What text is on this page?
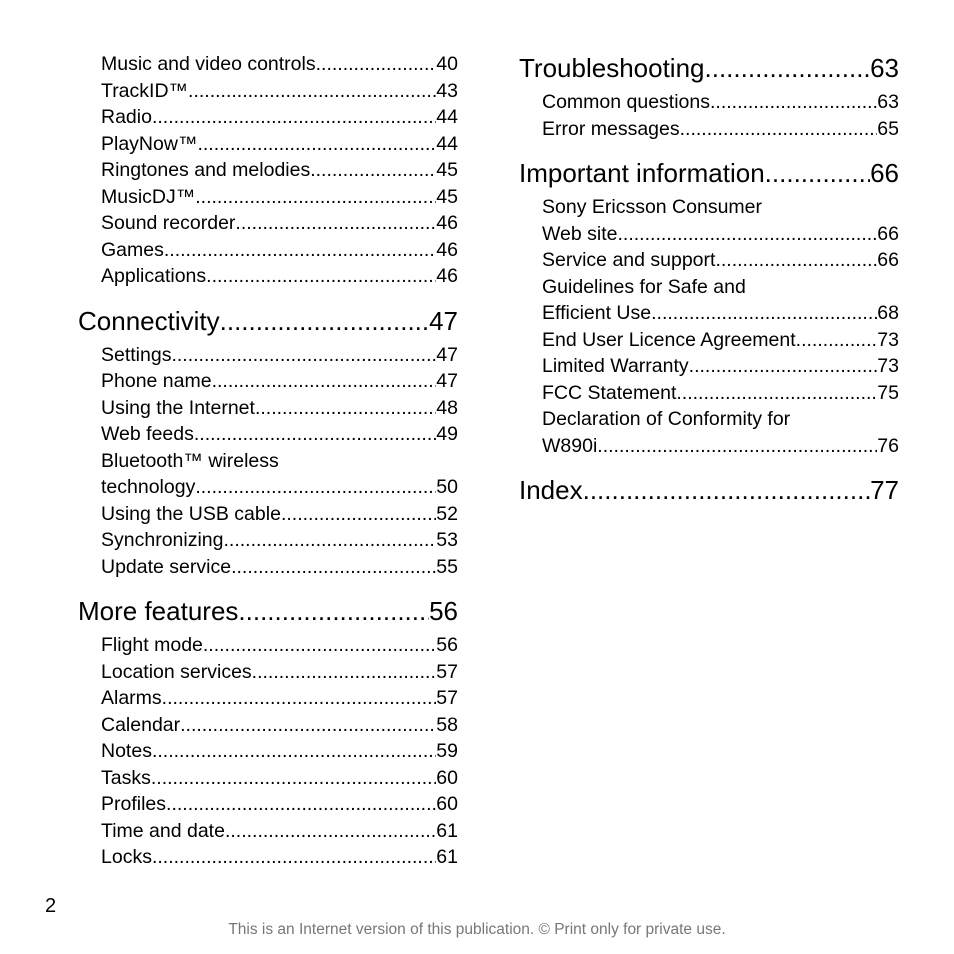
Music and video controls .....	40
TrackID™ .....	43
Radio .....	44
PlayNow™ .....	44
Ringtones and melodies .....	45
MusicDJ™ .....	45
Sound recorder .....	46
Games .....	46
Applications .....	46
Connectivity .....	47
Settings .....	47
Phone name .....	47
Using the Internet .....	48
Web feeds .....	49
Bluetooth™ wireless
technology .....	50
Using the USB cable .....	52
Synchronizing .....	53
Update service .....	55
More features .....	56
Flight mode .....	56
Location services .....	57
Alarms .....	57
Calendar .....	58
Notes .....	59
Tasks .....	60
Profiles .....	60
Time and date .....	61
Locks .....	61
Troubleshooting .....	63
Common questions .....	63
Error messages .....	65
Important information .....	66
Sony Ericsson Consumer
Web site .....	66
Service and support .....	66
Guidelines for Safe and
Efficient Use .....	68
End User Licence Agreement .....	73
Limited Warranty .....	73
FCC Statement .....	75
Declaration of Conformity for
W890i .....	76
Index .....	77
2
This is an Internet version of this publication. © Print only for private use.
